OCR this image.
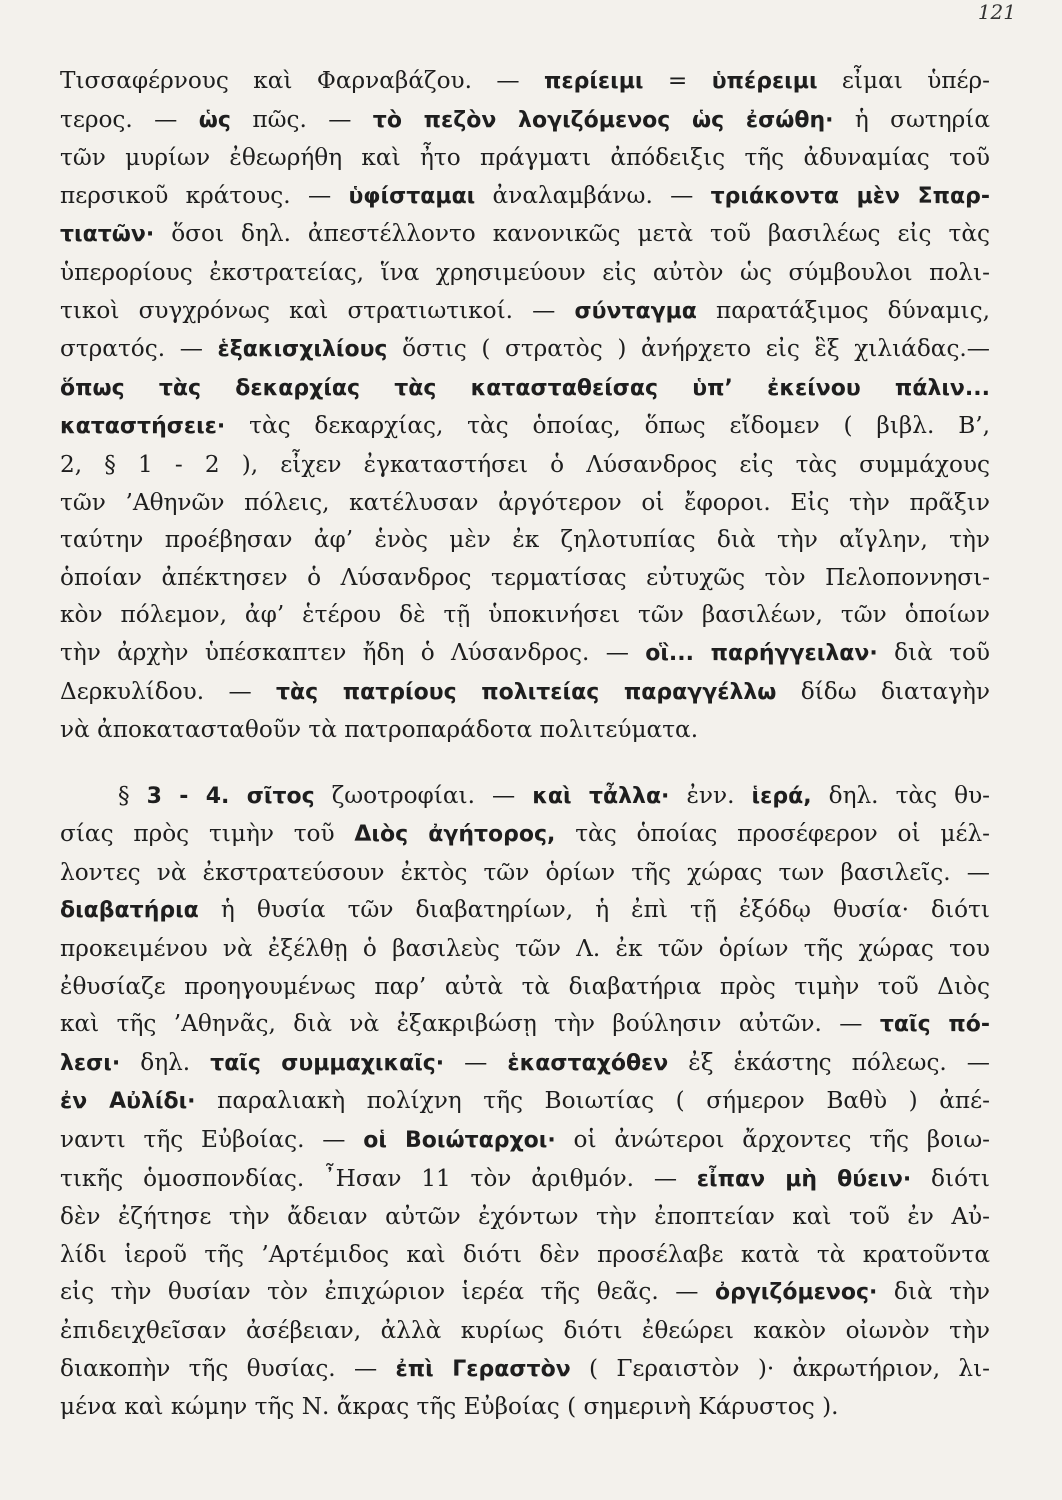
121

Τισσαφέρνους καὶ Φαρναβάζου. — περίειμι = ὑπέρειμι εἶμαι ὑπέρ-
τερος. — ὡς πῶς. — τὸ πεζὸν λογιζόμενος ὡς ἐσώθη· ἡ σωτηρία
τῶν μυρίων ἐθεωρήθη καὶ ἦτο πράγματι ἀπόδειξις τῆς ἀδυναμίας τοῦ
περσικοῦ κράτους. — ὑφίσταμαι ἀναλαμβάνω. — τριάκοντα μὲν Σπαρ-
τιατῶν· ὅσοι δηλ. ἀπεστέλλοντο κανονικῶς μετὰ τοῦ βασιλέως εἰς τὰς
ὑπερορίους ἐκστρατείας, ἵνα χρησιμεύουν εἰς αὐτὸν ὡς σύμβουλοι πολι-
τικοὶ συγχρόνως καὶ στρατιωτικοί. — σύνταγμα παρατάξιμος δύναμις,
στρατός. — ἑξακισχιλίους ὅστις ( στρατὸς ) ἀνήρχετο εἰς ἓξ χιλιάδας.—
ὅπως τὰς δεκαρχίας τὰς κατασταθείσας ὑπ’ ἐκείνου πάλιν...
καταστήσειε· τὰς δεκαρχίας, τὰς ὁποίας, ὅπως εἴδομεν ( βιβλ. Β’,
2, § 1 - 2 ), εἶχεν ἐγκαταστήσει ὁ Λύσανδρος εἰς τὰς συμμάχους
τῶν ’Αθηνῶν πόλεις, κατέλυσαν ἀργότερον οἱ ἔφοροι. Εἰς τὴν πρᾶξιν
ταύτην προέβησαν ἀφ’ ἑνὸς μὲν ἐκ ζηλοτυπίας διὰ τὴν αἴγλην, τὴν
ὁποίαν ἀπέκτησεν ὁ Λύσανδρος τερματίσας εὐτυχῶς τὸν Πελοποννησι-
κὸν πόλεμον, ἀφ’ ἑτέρου δὲ τῇ ὑποκινήσει τῶν βασιλέων, τῶν ὁποίων
τὴν ἀρχὴν ὑπέσκαπτεν ἤδη ὁ Λύσανδρος. — οἳ... παρήγγειλαν· διὰ τοῦ
Δερκυλίδου. — τὰς πατρίους πολιτείας παραγγέλλω δίδω διαταγὴν
νὰ ἀποκατασταθοῦν τὰ πατροπαράδοτα πολιτεύματα.

§ 3 - 4. σῖτος ζωοτροφίαι. — καὶ τἆλλα· ἐνν. ἱερά, δηλ. τὰς θυ-
σίας πρὸς τιμὴν τοῦ Διὸς ἀγήτορος, τὰς ὁποίας προσέφερον οἱ μέλ-
λοντες νὰ ἐκστρατεύσουν ἐκτὸς τῶν ὁρίων τῆς χώρας των βασιλεῖς. —
διαβατήρια ἡ θυσία τῶν διαβατηρίων, ἡ ἐπὶ τῇ ἐξόδῳ θυσία· διότι
προκειμένου νὰ ἐξέλθῃ ὁ βασιλεὺς τῶν Λ. ἐκ τῶν ὁρίων τῆς χώρας του
ἐθυσίαζε προηγουμένως παρ’ αὐτὰ τὰ διαβατήρια πρὸς τιμὴν τοῦ Διὸς
καὶ τῆς ’Αθηνᾶς, διὰ νὰ ἐξακριβώσῃ τὴν βούλησιν αὐτῶν. — ταῖς πό-
λεσι· δηλ. ταῖς συμμαχικαῖς· — ἑκασταχόθεν ἐξ ἑκάστης πόλεως. —
ἐν Αὐλίδι· παραλιακὴ πολίχνη τῆς Βοιωτίας ( σήμερον Βαθὺ ) ἀπέ-
ναντι τῆς Εὐβοίας. — οἱ Βοιώταρχοι· οἱ ἀνώτεροι ἄρχοντες τῆς βοιω-
τικῆς ὁμοσπονδίας. ῏Ησαν 11 τὸν ἀριθμόν. — εἶπαν μὴ θύειν· διότι
δὲν ἐζήτησε τὴν ἄδειαν αὐτῶν ἐχόντων τὴν ἐποπτείαν καὶ τοῦ ἐν Αὐ-
λίδι ἱεροῦ τῆς ’Αρτέμιδος καὶ διότι δὲν προσέλαβε κατὰ τὰ κρατοῦντα
εἰς τὴν θυσίαν τὸν ἐπιχώριον ἱερέα τῆς θεᾶς. — ὀργιζόμενος· διὰ τὴν
ἐπιδειχθεῖσαν ἀσέβειαν, ἀλλὰ κυρίως διότι ἐθεώρει κακὸν οἰωνὸν τὴν
διακοπὴν τῆς θυσίας. — ἐπὶ Γεραστὸν ( Γεραιστὸν )· ἀκρωτήριον, λι-
μένα καὶ κώμην τῆς Ν. ἄκρας τῆς Εὐβοίας ( σημερινὴ Κάρυστος ).
